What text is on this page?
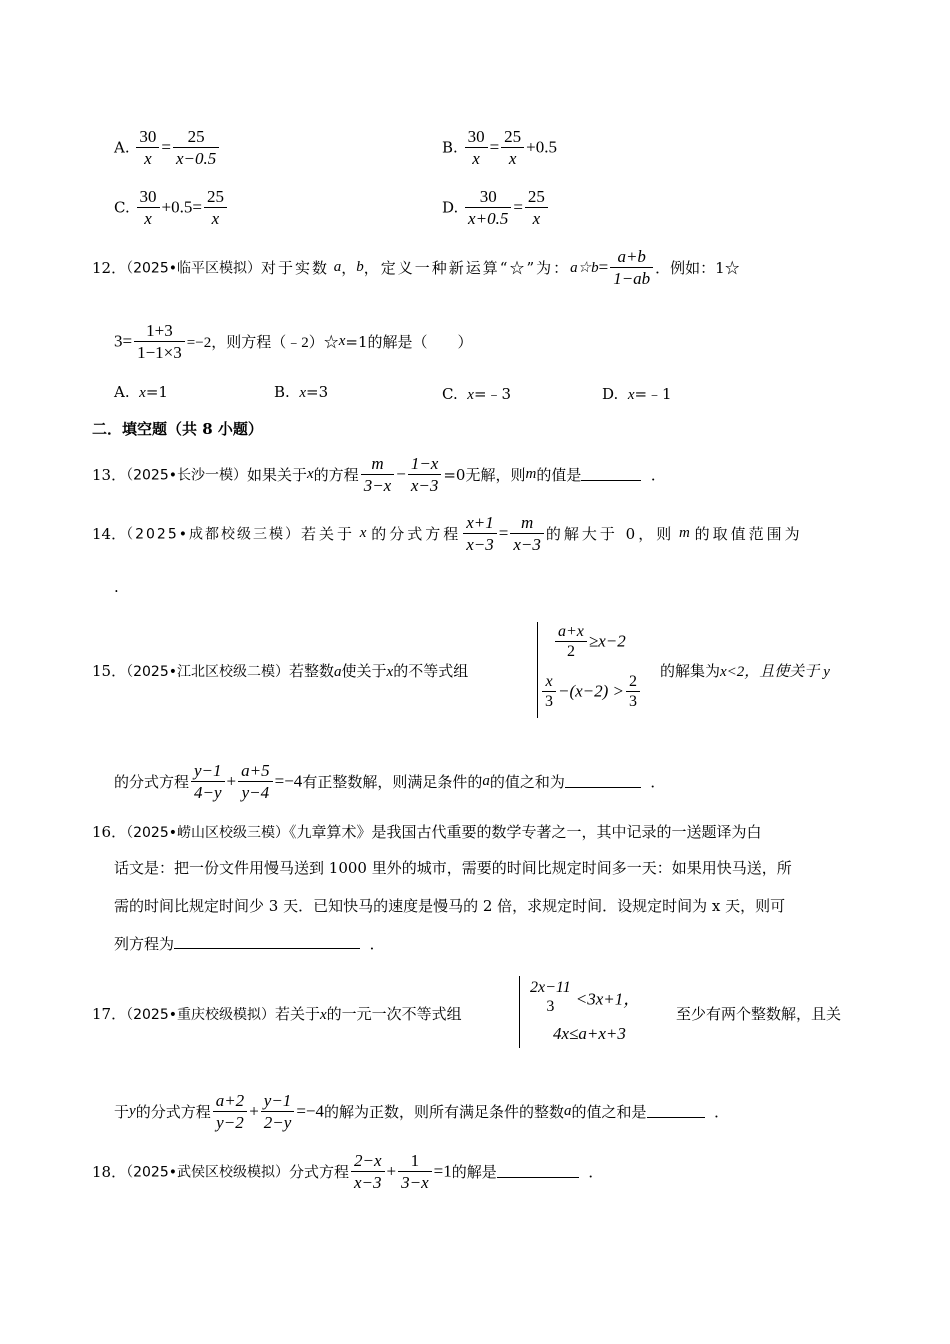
A. $\frac{30}{x} = \frac{25}{x-0.5}$	B. $\frac{30}{x} = \frac{25}{x} +0.5$
C. $\frac{30}{x} +0.5= \frac{25}{x}$	D. $\frac{30}{x+0.5} = \frac{25}{x}$
12．（2025•临平区模拟）对于实数 a，b，定义一种新运算“☆”为：a☆b= $\frac{a+b}{1-ab}$ ．例如：1☆
$3= \frac{1+3}{1-1\times 3} =-2$，则方程（﹣2）☆x=1的解是（　　）
A. x=1	B. x=3	C. x=﹣3	D. x=﹣1
二．填空题（共 8 小题）
13．（2025•长沙一模）如果关于x的方程 $\frac{m}{3-x} - \frac{1-x}{x-3} =0$无解，则m的值是	．
14．（2025•成都校级三模）若关于 x 的分式方程 $\frac{x+1}{x-3} = \frac{m}{x-3}$ 的解大于 0，则 m 的取值范围为
.
15．（2025•江北区校级二模）若整数a使关于x的不等式组
$\frac{a+x}{2} \ge x-2$
$\frac{x}{3} -(x-2) > \frac{2}{3}$
的解集为x<2，且使关于 y
的分式方程 $\frac{y-1}{4-y} + \frac{a+5}{y-4} =-4$有正整数解，则满足条件的a的值之和为	．
16．（2025•崂山区校级三模）《九章算术》是我国古代重要的数学专著之一，其中记录的一送题译为白
话文是：把一份文件用慢马送到 1000 里外的城市，需要的时间比规定时间多一天：如果用快马送，所
需的时间比规定时间少 3 天．已知快马的速度是慢马的 2 倍，求规定时间．设规定时间为 x 天，则可
列方程为	．
17．（2025•重庆校级模拟）若关于x的一元一次不等式组
2x−11
3	<3x+1，
4x≤a+x+3
至少有两个整数解，且关
于y的分式方程 $\frac{a+2}{y-2} + \frac{y-1}{2-y} =-4$的解为正数，则所有满足条件的整数a的值之和是	．
18．（2025•武侯区校级模拟）分式方程 $\frac{2-x}{x-3} + \frac{1}{3-x} =1$的解是	．
